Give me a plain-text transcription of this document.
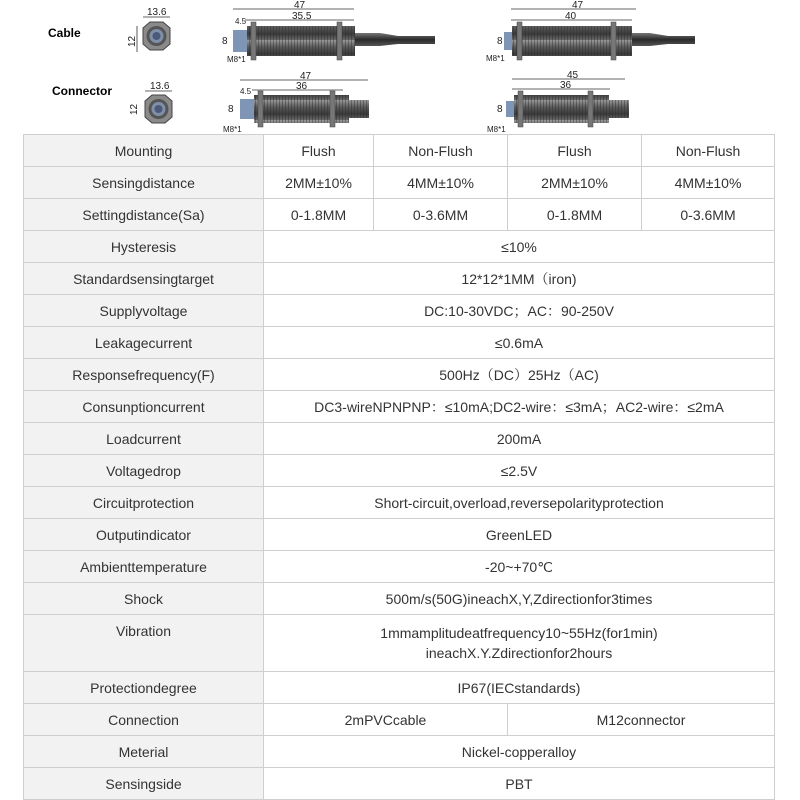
Cable
Connector
13.6
12
47
35.5
4.5
8
M8*1
47
40
8
M8*1
13.6
12
47
36
4.5
8
M8*1
45
36
8
M8*1
Mounting	Flush	Non-Flush	Flush	Non-Flush
Sensingdistance	2MM±10%	4MM±10%	2MM±10%	4MM±10%
Settingdistance(Sa)	0-1.8MM	0-3.6MM	0-1.8MM	0-3.6MM
Hysteresis	≤10%			
Standardsensingtarget	12*12*1MM（iron)			
Supplyvoltage	DC:10-30VDC；AC：90-250V			
Leakagecurrent	≤0.6mA			
Responsefrequency(F)	500Hz（DC）25Hz（AC)			
Consunptioncurrent	DC3-wireNPNPNP：≤10mA;DC2-wire：≤3mA；AC2-wire：≤2mA			
Loadcurrent	200mA			
Voltagedrop	≤2.5V			
Circuitprotection	Short-circuit,overload,reversepolarityprotection			
Outputindicator	GreenLED			
Ambienttemperature	-20~+70℃			
Shock	500m/s(50G)ineachX,Y,Zdirectionfor3times			
Vibration	1mmamplitudeatfrequency10~55Hz(for1min)
ineachX.Y.Zdirectionfor2hours			

Protectiondegree	IP67(IECstandards)			
Connection	2mPVCcable		M12connector	
Meterial	Nickel-copperalloy			
Sensingside	PBT			
